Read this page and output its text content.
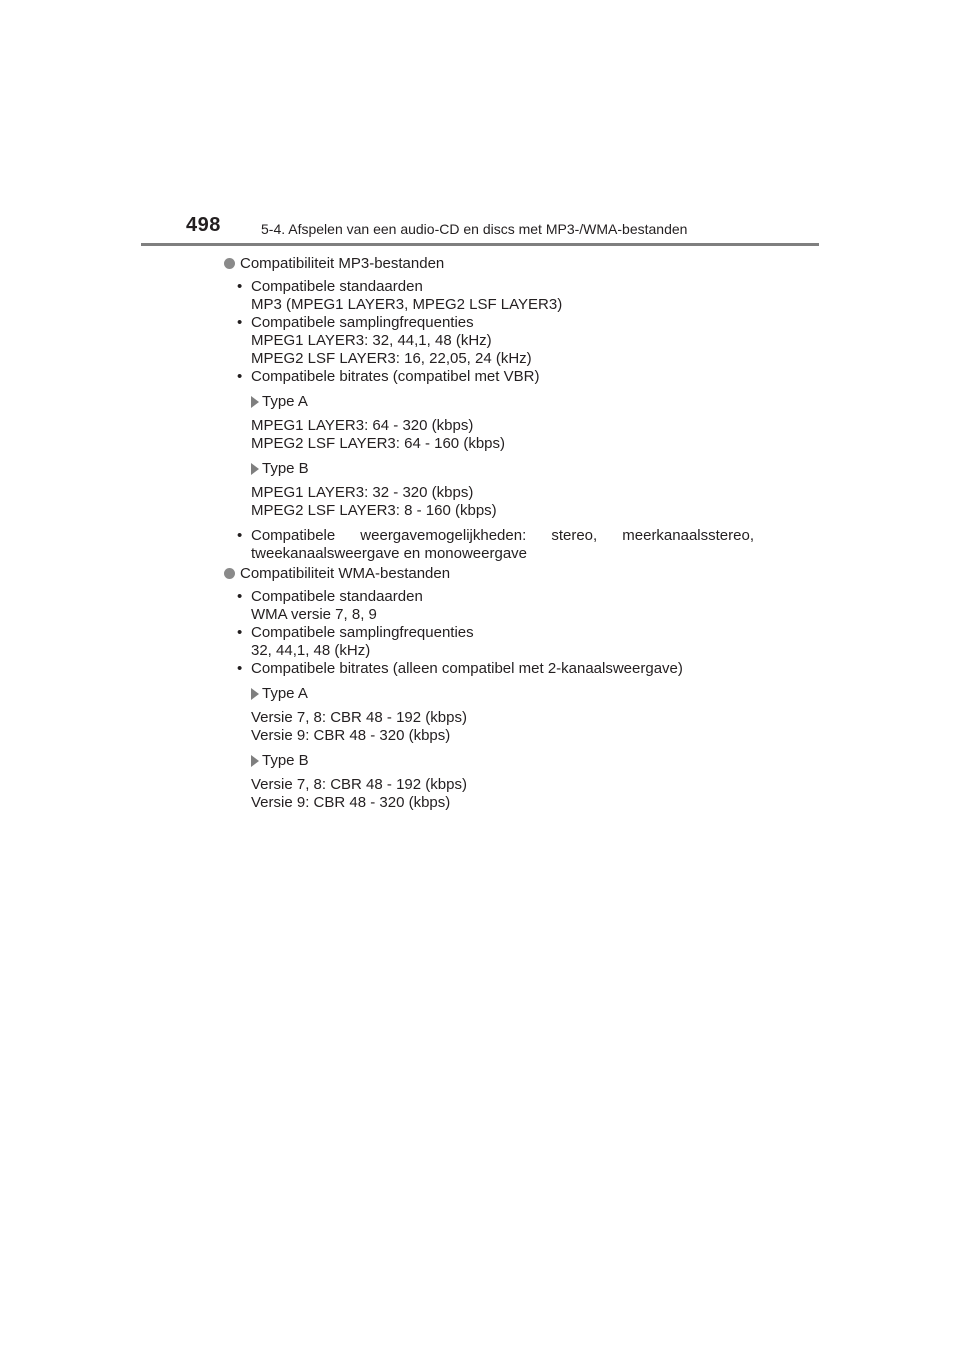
498	5-4. Afspelen van een audio-CD en discs met MP3-/WMA-bestanden
Compatibiliteit MP3-bestanden
• Compatibele standaarden
MP3 (MPEG1 LAYER3, MPEG2 LSF LAYER3)
• Compatibele samplingfrequenties
MPEG1 LAYER3: 32, 44,1, 48 (kHz)
MPEG2 LSF LAYER3: 16, 22,05, 24 (kHz)
• Compatibele bitrates (compatibel met VBR)
Type A
MPEG1 LAYER3: 64 - 320 (kbps)
MPEG2 LSF LAYER3: 64 - 160 (kbps)
Type B
MPEG1 LAYER3: 32 - 320 (kbps)
MPEG2 LSF LAYER3: 8 - 160 (kbps)
• Compatibele weergavemogelijkheden: stereo, meerkanaalsstereo, tweekanaalsweergave en monoweergave
Compatibiliteit WMA-bestanden
• Compatibele standaarden
WMA versie 7, 8, 9
• Compatibele samplingfrequenties
32, 44,1, 48 (kHz)
• Compatibele bitrates (alleen compatibel met 2-kanaalsweergave)
Type A
Versie 7, 8: CBR 48 - 192 (kbps)
Versie 9: CBR 48 - 320 (kbps)
Type B
Versie 7, 8: CBR 48 - 192 (kbps)
Versie 9: CBR 48 - 320 (kbps)
